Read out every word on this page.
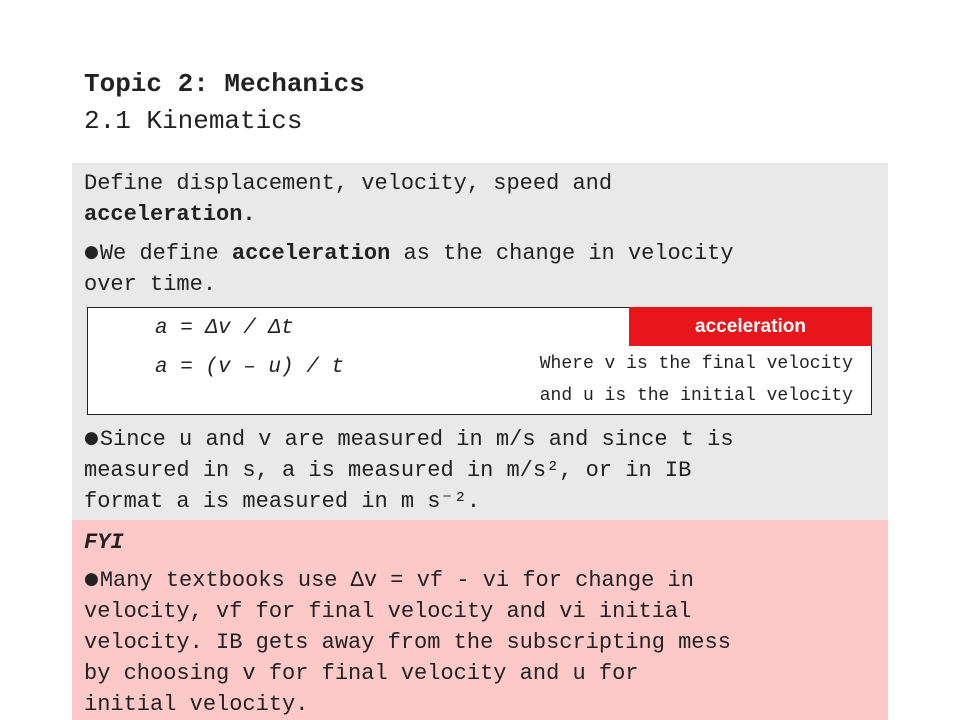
Topic 2: Mechanics
2.1 Kinematics
Define displacement, velocity, speed and
acceleration.
●We define acceleration as the change in velocity
over time.
a = Δv / Δt
a = (v – u) / t
acceleration
Where v is the final velocity
and u is the initial velocity
●Since u and v are measured in m/s and since t is
measured in s, a is measured in m/s², or in IB
format a is measured in m s⁻².
FYI
●Many textbooks use Δv = vf - vi for change in
velocity, vf for final velocity and vi initial
velocity. IB gets away from the subscripting mess
by choosing v for final velocity and u for
initial velocity.
